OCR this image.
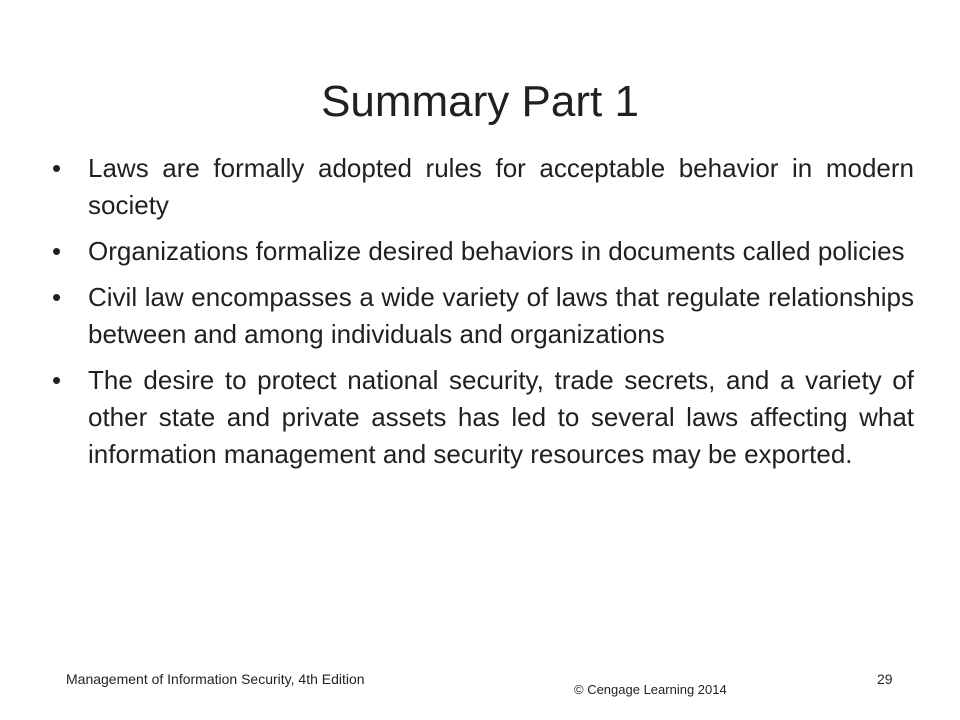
Summary Part 1
•	Laws are formally adopted rules for acceptable behavior in modern society
•	Organizations formalize desired behaviors in documents called policies
•	Civil law encompasses a wide variety of laws that regulate relationships between and among individuals and organizations
•	The desire to protect national security, trade secrets, and a variety of other state and private assets has led to several laws affecting what information management and security resources may be exported.
Management of Information Security, 4th Edition
© Cengage Learning 2014
29
